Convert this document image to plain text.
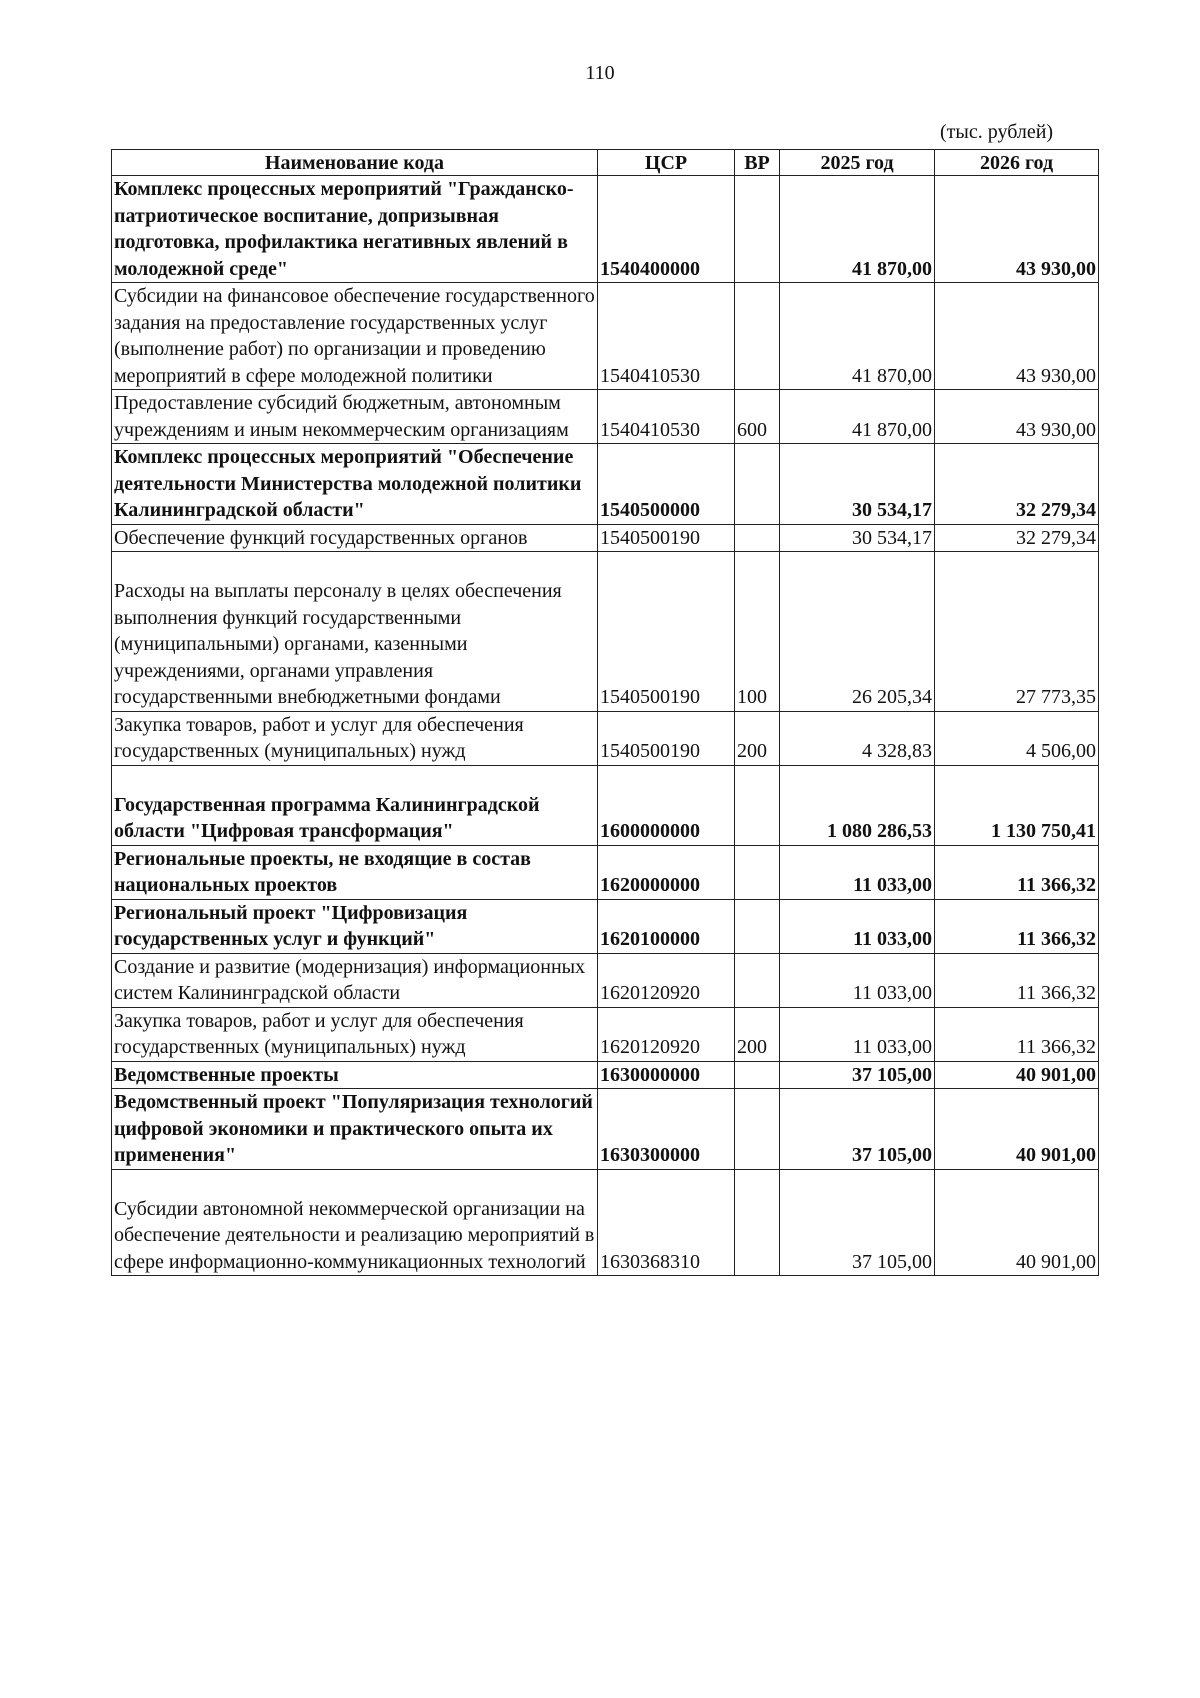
110
(тыс. рублей)
Наименование кода	ЦСР	ВР	2025 год	2026 год
Комплекс процессных мероприятий "Гражданско-патриотическое воспитание, допризывная подготовка, профилактика негативных явлений в молодежной среде"	1540400000		41 870,00	43 930,00
Субсидии на финансовое обеспечение государственного задания на предоставление государственных услуг (выполнение работ) по организации и проведению мероприятий в сфере молодежной политики	1540410530		41 870,00	43 930,00
Предоставление субсидий бюджетным, автономным учреждениям и иным некоммерческим организациям	1540410530	600	41 870,00	43 930,00
Комплекс процессных мероприятий "Обеспечение деятельности Министерства молодежной политики Калининградской области"	1540500000		30 534,17	32 279,34
Обеспечение функций государственных органов	1540500190		30 534,17	32 279,34
Расходы на выплаты персоналу в целях обеспечения выполнения функций государственными (муниципальными) органами, казенными учреждениями, органами управления государственными внебюджетными фондами	1540500190	100	26 205,34	27 773,35
Закупка товаров, работ и услуг для обеспечения государственных (муниципальных) нужд	1540500190	200	4 328,83	4 506,00
Государственная программа Калининградской области "Цифровая трансформация"	1600000000		1 080 286,53	1 130 750,41
Региональные проекты, не входящие в состав национальных проектов	1620000000		11 033,00	11 366,32
Региональный проект "Цифровизация государственных услуг и функций"	1620100000		11 033,00	11 366,32
Создание и развитие (модернизация) информационных систем Калининградской области	1620120920		11 033,00	11 366,32
Закупка товаров, работ и услуг для обеспечения государственных (муниципальных) нужд	1620120920	200	11 033,00	11 366,32
Ведомственные проекты	1630000000		37 105,00	40 901,00
Ведомственный проект "Популяризация технологий цифровой экономики и практического опыта их применения"	1630300000		37 105,00	40 901,00
Субсидии автономной некоммерческой организации на обеспечение деятельности и реализацию мероприятий в сфере информационно-коммуникационных технологий	1630368310		37 105,00	40 901,00
